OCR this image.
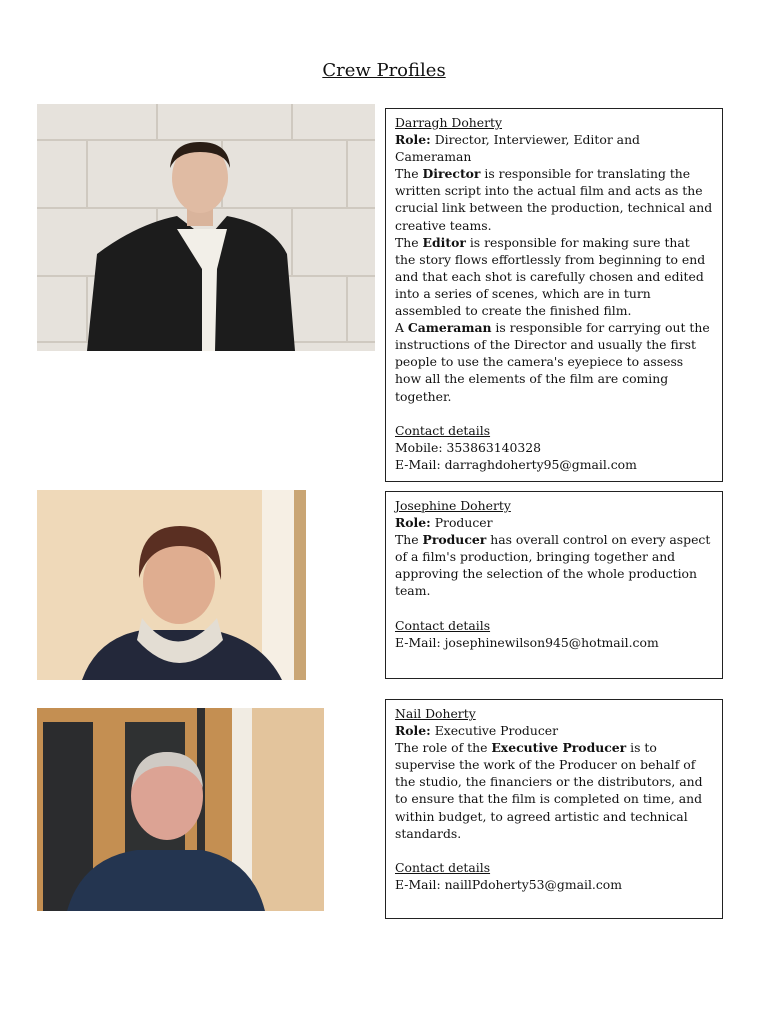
Crew Profiles

Darragh Doherty

Role: Director, Interviewer, Editor and Cameraman

The Director is responsible for translating the written script into the actual film and acts as the crucial link between the production, technical and creative teams.

The Editor is responsible for making sure that the story flows effortlessly from beginning to end and that each shot is carefully chosen and edited into a series of scenes, which are in turn assembled to create the finished film.

A Cameraman is responsible for carrying out the instructions of the Director and usually the first people to use the camera's eyepiece to assess how all the elements of the film are coming together.

Contact details

Mobile: 353863140328

E-Mail: darraghdoherty95@gmail.com

Josephine Doherty

Role: Producer

The Producer has overall control on every aspect of a film's production, bringing together and approving the selection of the whole production team.

Contact details

E-Mail: josephinewilson945@hotmail.com

Nail Doherty

Role: Executive Producer

The role of the Executive Producer is to supervise the work of the Producer on behalf of the studio, the financiers or the distributors, and to ensure that the film is completed on time, and within budget, to agreed artistic and technical standards.

Contact details

E-Mail: naillPdoherty53@gmail.com
